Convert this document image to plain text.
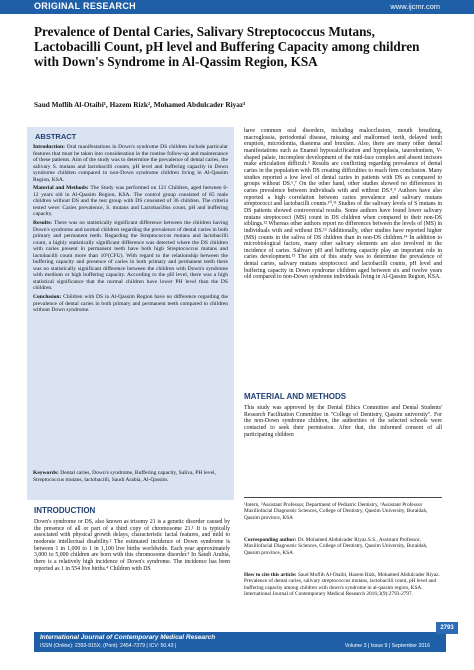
ORIGINAL RESEARCH	www.ijcmr.com
Prevalence of Dental Caries, Salivary Streptococcus Mutans, Lactobacilli Count, pH level and Buffering Capacity among children with Down's Syndrome in Al-Qassim Region, KSA
Saud Moflih Al-Otaibi¹, Hazem Rizk², Mohamed Abdulcader Riyaz³
ABSTRACT

Introduction: Oral manifestations in Down's syndrome DS children include particular features that must be taken into consideration in the routine follow-up and maintenance of these patients. Aim of the study was to determine the prevalence of dental caries, the salivary S. mutans and lactobacilli counts, pH level and buffering capacity in Down syndrome children compared to non-Down syndrome children living in Al-Qassim Region, KSA.

Material and Methods: The Study was performed on 121 Children, aged between 6-12 years old in Al-Qassim Region, KSA. The control group consisted of 85 male children without DS and the test group with DS consisted of 36 children. The criteria tested were: Caries prevalence, S. mutans and Lactobacillus count, pH and buffering capacity.

Results: There was no statistically significant difference between the children having Down's syndrome and normal children regarding the prevalence of dental caries in both primary and permanent teeth. Regarding the Streptococcus mutans and lactobacilli count, a highly statistically significant difference was detected where the DS children with caries present in permanent teeth have both high Streptococcus mutans and lactobacilli count more than 10⁵(CFU). With regard to the relationship between the buffering capacity and presence of caries in both primary and permanent teeth there was no statistically significant difference between the children with Down's syndrome with medium or high buffering capacity. According to the pH level, there was a high statistical significance that the normal children have lower PH level than the DS children.

Conclusion: Children with DS in Al-Qassim Region have no difference regarding the prevalence of dental caries in both primary and permanent teeth compared to children without Down syndrome.

Keywords: Dental caries, Down's syndrome, Buffering capacity, Saliva, PH level, Streptococcus mutans, lactobacilli, Saudi Arabia, Al-Qassim.
INTRODUCTION

Down's syndrome or DS, also known as trisomy 21 is a genetic disorder caused by the presence of all or part of a third copy of chromosome 21.¹ It is typically associated with physical growth delays, characteristic facial features, and mild to moderate intellectual disability.² The estimated incidence of Down syndrome is between 1 in 1,000 to 1 in 1,100 live births worldwide. Each year approximately 3,000 to 5,000 children are born with this chromosome disorder.³ In Saudi Arabia, there is a relatively high incidence of Down's syndrome. The incidence has been reported as 1 in 554 live births.⁴ Children with DS

have common oral disorders, including malocclusion, mouth breathing, macroglossia, periodontal disease, missing and malformed teeth, delayed teeth eruption, microdontia, diastema and bruxism. Also, there are many other dental manifestations such as Enamel hypocalcification and hypoplasia, taurodontism, V-shaped palate, incomplete development of the mid-face complex and absent incisors make articulation difficult.⁵ Results are conflicting regarding prevalence of dental caries in the population with DS creating difficulties to reach firm conclusion. Many studies reported a low level of dental caries in patients with DS as compared to groups without DS.⁶,⁷ On the other hand, other studies showed no differences in caries prevalence between individuals with and without DS.⁸,⁹ Authors have also reported a high correlation between caries prevalence and salivary mutans streptococci and lactobacilli counts.¹⁰,¹¹ Studies of the salivary levels of S mutans in DS patients showed controversial results. Some authors have found lower salivary mutans streptococci (MS) count in DS children when compared to their non-DS siblings.¹² Whereas other authors report no differences between the levels of (MS) in individuals with and without DS.¹³ Additionally, other studies have reported higher (MS) counts in the saliva of DS children than in non-DS children.¹⁴ In addition to microbiological factors, many other salivary elements are also involved in the incidence of caries. Salivary pH and buffering capacity play an important role in caries development.¹⁵ The aim of this study was to determine the prevalence of dental caries, salivary mutans streptococci and lactobacilli counts, pH level and buffering capacity in Down syndrome children aged between six and twelve years old compared to non-Down syndrome individuals living in Al-Qassim Region, KSA.

MATERIAL AND METHODS

This study was approved by the Dental Ethics Committee and Dental Students' Research Facilitation Committee in "College of Dentistry, Qassim university". For the non-Down syndrome children, the authorities of the selected schools were contacted to seek their permission. After that, the informed consent of all participating children

¹Intern, ²Assistant Professor, Department of Pediatric Dentistry, ³Assistant Professor Maxillofacial Diagnostic Sciences, College of Dentistry, Qassim University, Buraidah, Qassim province, KSA

Corresponding author: Dr. Mohamed Abdulcader Riyaz.S.S., Assistant Professor, Maxillofacial Diagnostic Sciences, College of Dentistry, Qassim University, Buraidah, Qassim province, KSA

How to cite this article: Saud Moflih Al-Otaibi, Hazem Rizk, Mohamed Abdulcader Riyaz. Prevalence of dental caries, salivary streptococcus mutans, lactobacilli count, pH level and buffering capacity among children with down's syndrome in al-qassim region, KSA. International Journal of Contemporary Medical Research 2016;3(9):2793-2797.

International Journal of Contemporary Medical Research
ISSN (Online): 2393-915X; (Print): 2454-7379 | ICV: 50.43 |	Volume 3 | Issue 9 | September 2016
2793
